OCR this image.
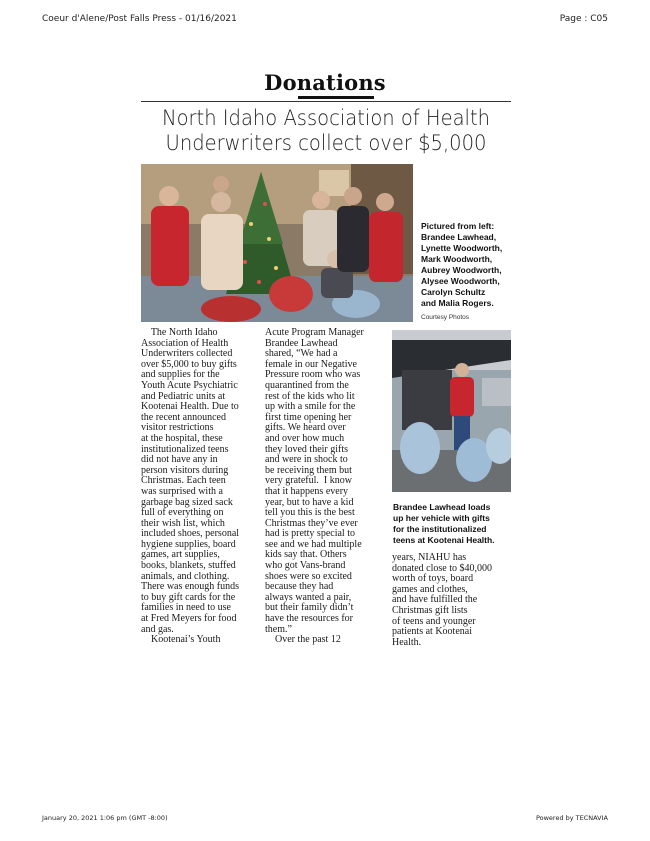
Coeur d'Alene/Post Falls Press - 01/16/2021	Page : C05
Donations
North Idaho Association of Health
Underwriters collect over $5,000
Pictured from left:
Brandee Lawhead,
Lynette Woodworth,
Mark Woodworth,
Aubrey Woodworth,
Alysee Woodworth,
Carolyn Schultz
and Malia Rogers.
Courtesy Photos
Brandee Lawhead loads
up her vehicle with gifts
for the institutionalized
teens at Kootenai Health.

The North Idaho

Association of Health

Underwriters collected

over $5,000 to buy gifts

and supplies for the

Youth Acute Psychiatric

and Pediatric units at

Kootenai Health. Due to

the recent announced

visitor restrictions

at the hospital, these

institutionalized teens

did not have any in

person visitors during

Christmas. Each teen

was surprised with a

garbage bag sized sack

full of everything on

their wish list, which

included shoes, personal

hygiene supplies, board

games, art supplies,

books, blankets, stuffed

animals, and clothing.

There was enough funds

to buy gift cards for the

families in need to use

at Fred Meyers for food

and gas.

Kootenai’s Youth

Acute Program Manager

Brandee Lawhead

shared, “We had a

female in our Negative

Pressure room who was

quarantined from the

rest of the kids who lit

up with a smile for the

first time opening her

gifts. We heard over

and over how much

they loved their gifts

and were in shock to

be receiving them but

very grateful.  I know

that it happens every

year, but to have a kid

tell you this is the best

Christmas they’ve ever

had is pretty special to

see and we had multiple

kids say that. Others

who got Vans-brand

shoes were so excited

because they had

always wanted a pair,

but their family didn’t

have the resources for

them.”

Over the past 12

years, NIAHU has

donated close to $40,000

worth of toys, board

games and clothes,

and have fulfilled the

Christmas gift lists

of teens and younger

patients at Kootenai

Health.

January 20, 2021 1:06 pm (GMT -8:00)	Powered by TECNAVIA
